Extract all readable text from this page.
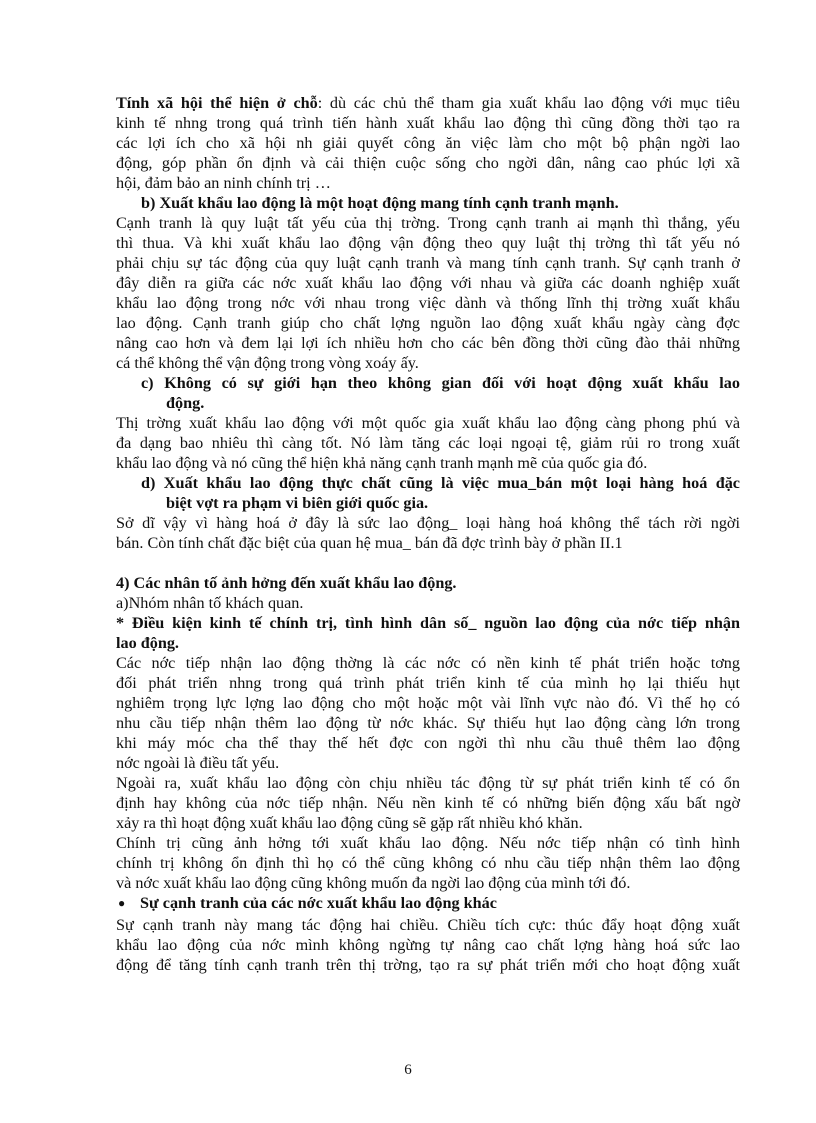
Tính xã hội thể hiện ở chỗ: dù các chủ thể tham gia xuất khẩu lao động với mục tiêu
kinh tế nhng trong quá trình tiến hành xuất khẩu lao động thì cũng đồng thời tạo ra
các lợi ích cho xã hội nh giải quyết công ăn việc làm cho một bộ phận ngời lao
động, góp phần ổn định và cải thiện cuộc sống cho ngời dân, nâng cao phúc lợi xã
hội, đảm bảo an ninh chính trị …
b) Xuất khẩu lao động là một hoạt động mang tính cạnh tranh mạnh.
Cạnh tranh là quy luật tất yếu của thị trờng. Trong cạnh tranh ai mạnh thì thắng, yếu
thì thua. Và khi xuất khẩu lao động vận động theo quy luật thị trờng thì tất yếu nó
phải chịu sự tác động của quy luật cạnh tranh và mang tính cạnh tranh. Sự cạnh tranh ở
đây diễn ra giữa các nớc xuất khẩu lao động với nhau và giữa các doanh nghiệp xuất
khẩu lao động trong nớc với nhau trong việc dành và thống lĩnh thị trờng xuất khẩu
lao động. Cạnh tranh giúp cho chất lợng nguồn lao động xuất khẩu ngày càng đợc
nâng cao hơn và đem lại lợi ích nhiều hơn cho các bên đồng thời cũng đào thải những
cá thể không thể vận động trong vòng xoáy ấy.
c) Không có sự giới hạn theo không gian đối với hoạt động xuất khẩu lao
động.
Thị trờng xuất khẩu lao động với một quốc gia xuất khẩu lao động càng phong phú và
đa dạng bao nhiêu thì càng tốt. Nó làm tăng các loại ngoại tệ, giảm rủi ro trong xuất
khẩu lao động và nó cũng thể hiện khả năng cạnh tranh mạnh mẽ của quốc gia đó.
d) Xuất khẩu lao động thực chất cũng là việc mua_bán một loại hàng hoá đặc
biệt vợt ra phạm vi biên giới quốc gia.
Sở dĩ vậy vì hàng hoá ở đây là sức lao động_ loại hàng hoá không thể tách rời ngời
bán. Còn tính chất đặc biệt của quan hệ mua_ bán đã đợc trình bày ở phần II.1
4) Các nhân tố ảnh hởng đến xuất khẩu lao động.
a)Nhóm nhân tố khách quan.
* Điều kiện kinh tế chính trị, tình hình dân số_ nguồn lao động của nớc tiếp nhận
lao động.
Các nớc tiếp nhận lao động thờng là các nớc có nền kinh tế phát triển hoặc tơng
đối phát triển nhng trong quá trình phát triển kinh tế của mình họ lại thiếu hụt
nghiêm trọng lực lợng lao động cho một hoặc một vài lĩnh vực nào đó. Vì thế họ có
nhu cầu tiếp nhận thêm lao động từ nớc khác. Sự thiếu hụt lao động càng lớn trong
khi máy móc cha thể thay thế hết đợc con ngời thì nhu cầu thuê thêm lao động
nớc ngoài là điều tất yếu.
Ngoài ra, xuất khẩu lao động còn chịu nhiều tác động từ sự phát triển kinh tế có ổn
định hay không của nớc tiếp nhận. Nếu nền kinh tế có những biến động xấu bất ngờ
xảy ra thì hoạt động xuất khẩu lao động cũng sẽ gặp rất nhiều khó khăn.
Chính trị cũng ảnh hởng tới xuất khẩu lao động. Nếu nớc tiếp nhận có tình hình
chính trị không ổn định thì họ có thể cũng không có nhu cầu tiếp nhận thêm lao động
và nớc xuất khẩu lao động cũng không muốn đa ngời lao động của mình tới đó.
● Sự cạnh tranh của các nớc xuất khẩu lao động khác
Sự cạnh tranh này mang tác động hai chiều. Chiều tích cực: thúc đẩy hoạt động xuất
khẩu lao động của nớc mình không ngừng tự nâng cao chất lợng hàng hoá sức lao
động để tăng tính cạnh tranh trên thị trờng, tạo ra sự phát triển mới cho hoạt động xuất
6
